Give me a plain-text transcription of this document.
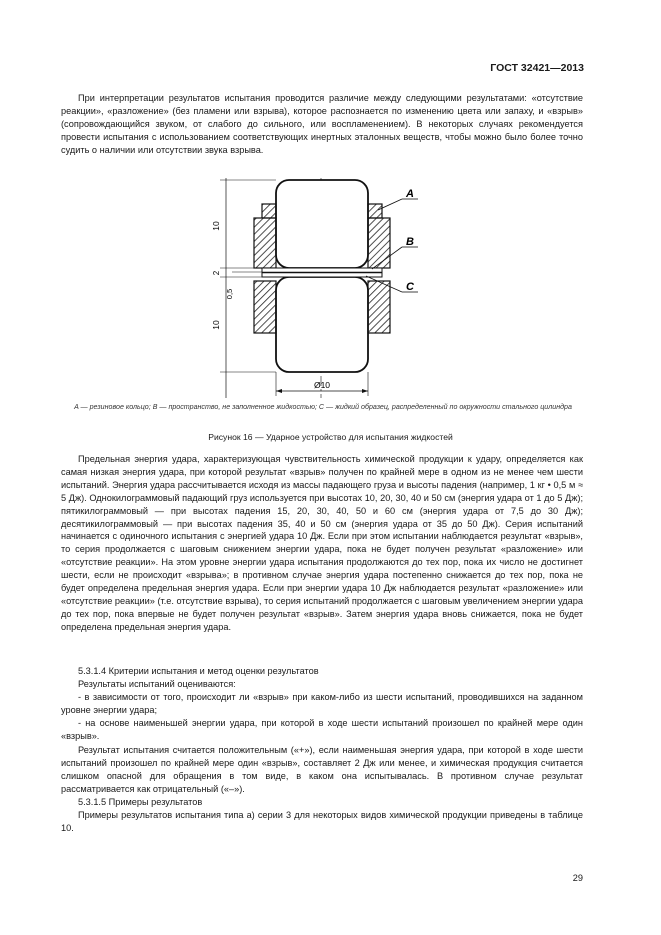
ГОСТ 32421—2013

При интерпретации результатов испытания проводится различие между следующими результатами: «отсутствие реакции», «разложение» (без пламени или взрыва), которое распознается по изменению цвета или запаху, и «взрыв» (сопровождающийся звуком, от слабого до сильного, или воспламенением). В некоторых случаях рекомендуется провести испытания с использованием соответствующих инертных эталонных веществ, чтобы можно было более точно судить о наличии или отсутствии звука взрыва.

10
2
0,5
10
Ø10
A
B
C
A — резиновое кольцо; B — пространство, не заполненное жидкостью; C — жидкий образец, распределенный по окружности стального цилиндра
Рисунок 16 — Ударное устройство для испытания жидкостей

Предельная энергия удара, характеризующая чувствительность химической продукции к удару, определяется как самая низкая энергия удара, при которой результат «взрыв» получен по крайней мере в одном из не менее чем шести испытаний. Энергия удара рассчитывается исходя из массы падающего груза и высоты падения (например, 1 кг • 0,5 м ≈ 5 Дж). Однокилограммовый падающий груз используется при высотах 10, 20, 30, 40 и 50 см (энергия удара от 1 до 5 Дж); пятикилограммовый — при высотах падения 15, 20, 30, 40, 50 и 60 см (энергия удара от 7,5 до 30 Дж); десятикилограммовый — при высотах падения 35, 40 и 50 см (энергия удара от 35 до 50 Дж). Серия испытаний начинается с одиночного испытания с энергией удара 10 Дж. Если при этом испытании наблюдается результат «взрыв», то серия продолжается с шаговым снижением энергии удара, пока не будет получен результат «разложение» или «отсутствие реакции». На этом уровне энергии удара испытания продолжаются до тех пор, пока их число не достигнет шести, если не происходит «взрыва»; в противном случае энергия удара постепенно снижается до тех пор, пока не будет определена предельная энергия удара. Если при энергии удара 10 Дж наблюдается результат «разложение» или «отсутствие реакции» (т.е. отсутствие взрыва), то серия испытаний продолжается с шаговым увеличением энергии удара до тех пор, пока впервые не будет получен результат «взрыв». Затем энергия удара вновь снижается, пока не будет определена предельная энергия удара.

5.3.1.4 Критерии испытания и метод оценки результатов

Результаты испытаний оцениваются:

- в зависимости от того, происходит ли «взрыв» при каком-либо из шести испытаний, проводившихся на заданном уровне энергии удара;

- на основе наименьшей энергии удара, при которой в ходе шести испытаний произошел по крайней мере один «взрыв».

Результат испытания считается положительным («+»), если наименьшая энергия удара, при которой в ходе шести испытаний произошел по крайней мере один «взрыв», составляет 2 Дж или менее, и химическая продукция считается слишком опасной для обращения в том виде, в каком она испытывалась. В противном случае результат рассматривается как отрицательный («–»).

5.3.1.5 Примеры результатов

Примеры результатов испытания типа а) серии 3 для некоторых видов химической продукции приведены в таблице 10.

29
